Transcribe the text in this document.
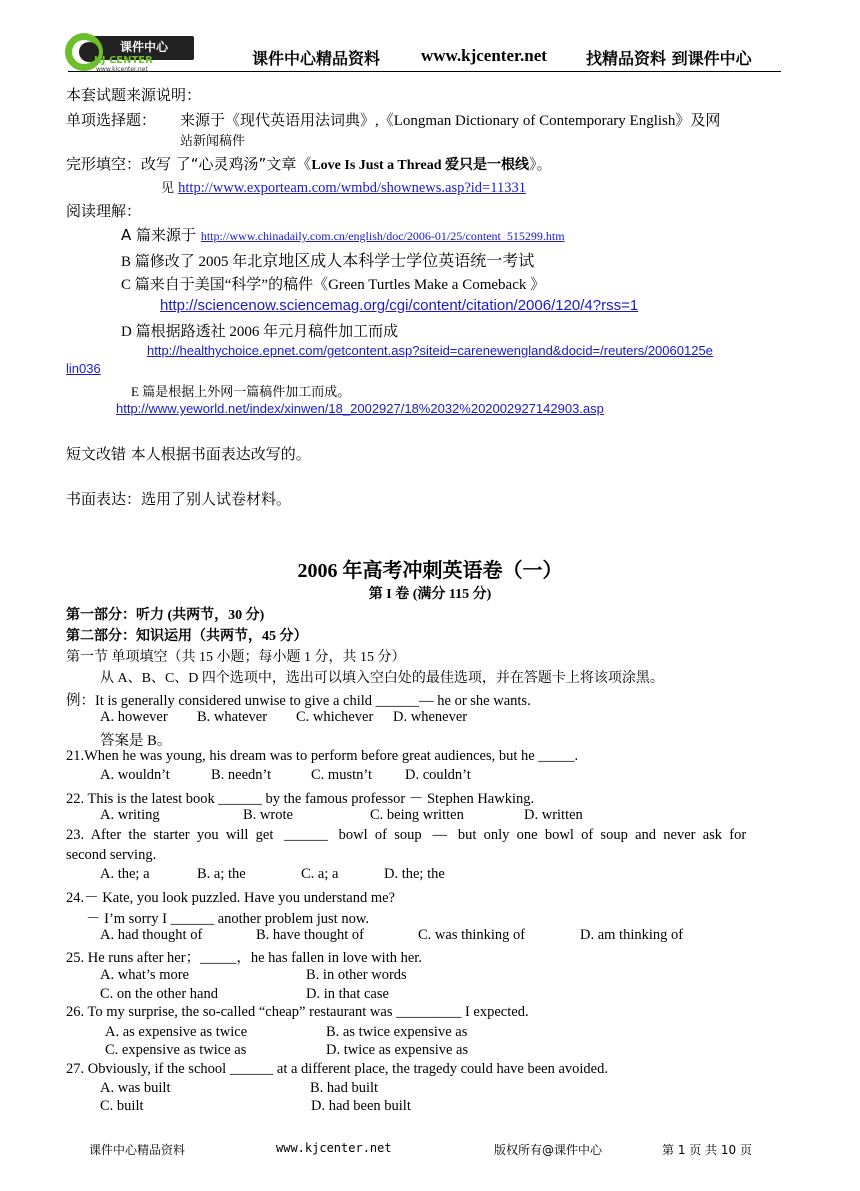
课件中心
KJ CENTER
www.kjcenter.net
课件中心精品资料 www.kjcenter.net 找精品资料 到课件中心
本套试题来源说明：
单项选择题： 来源于《现代英语用法词典》,《Longman Dictionary of Contemporary English》及网
站新闻稿件
完形填空：改写 了“心灵鸡汤”文章《Love Is Just a Thread 爱只是一根线》。
见 http://www.exporteam.com/wmbd/shownews.asp?id=11331
阅读理解：
A 篇来源于 http://www.chinadaily.com.cn/english/doc/2006-01/25/content_515299.htm
B 篇修改了 2005 年北京地区成人本科学士学位英语统一考试
C 篇来自于美国“科学”的稿件《Green Turtles Make a Comeback 》
http://sciencenow.sciencemag.org/cgi/content/citation/2006/120/4?rss=1
D 篇根据路透社 2006 年元月稿件加工而成
http://healthychoice.epnet.com/getcontent.asp?siteid=carenewengland&docid=/reuters/20060125e
lin036
E 篇是根据上外网一篇稿件加工而成。
http://www.yeworld.net/index/xinwen/18_2002927/18%2032%202002927142903.asp
短文改错 本人根据书面表达改写的。
书面表达：选用了别人试卷材料。
2006 年高考冲刺英语卷（一）
第 I 卷 (满分 115 分)
第一部分：听力 (共两节，30 分)
第二部分：知识运用（共两节，45 分）
第一节 单项填空（共 15 小题；每小题 1 分，共 15 分）
从 A、B、C、D 四个选项中，选出可以填入空白处的最佳选项，并在答题卡上将该项涂黑。
例：It is generally considered unwise to give a child ______— he or she wants.
A. however B. whatever C. whichever D. whenever
答案是 B。
21.When he was young, his dream was to perform before great audiences, but he _____.
A. wouldn’t	B. needn’t	C. mustn’t D. couldn’t
22. This is the latest book ______ by the famous professor － Stephen Hawking.
A. writing	B. wrote	C. being written	D. written
23.  After  the  starter  you  will  get   ______   bowl  of  soup   —   but  only  one  bowl  of  soup  and  never  ask  for
second serving.
A. the; a	B. a; the	C. a; a	D. the; the
24.－ Kate, you look puzzled. Have you understand me?
－ I’m sorry I ______ another problem just now.
A. had thought of	B. have thought of	C. was thinking of	D. am thinking of
25. He runs after her；_____，he has fallen in love with her.
A. what’s more	B. in other words
C. on the other hand	D. in that case
26. To my surprise, the so-called “cheap” restaurant was _________ I expected.
A. as expensive as twice	B. as twice expensive as
C. expensive as twice as	D. twice as expensive as
27. Obviously, if the school ______ at a different place, the tragedy could have been avoided.
A. was built	B. had built
C. built	D. had been built
课件中心精品资料	www.kjcenter.net	版权所有@课件中心	第 1 页 共 10 页
